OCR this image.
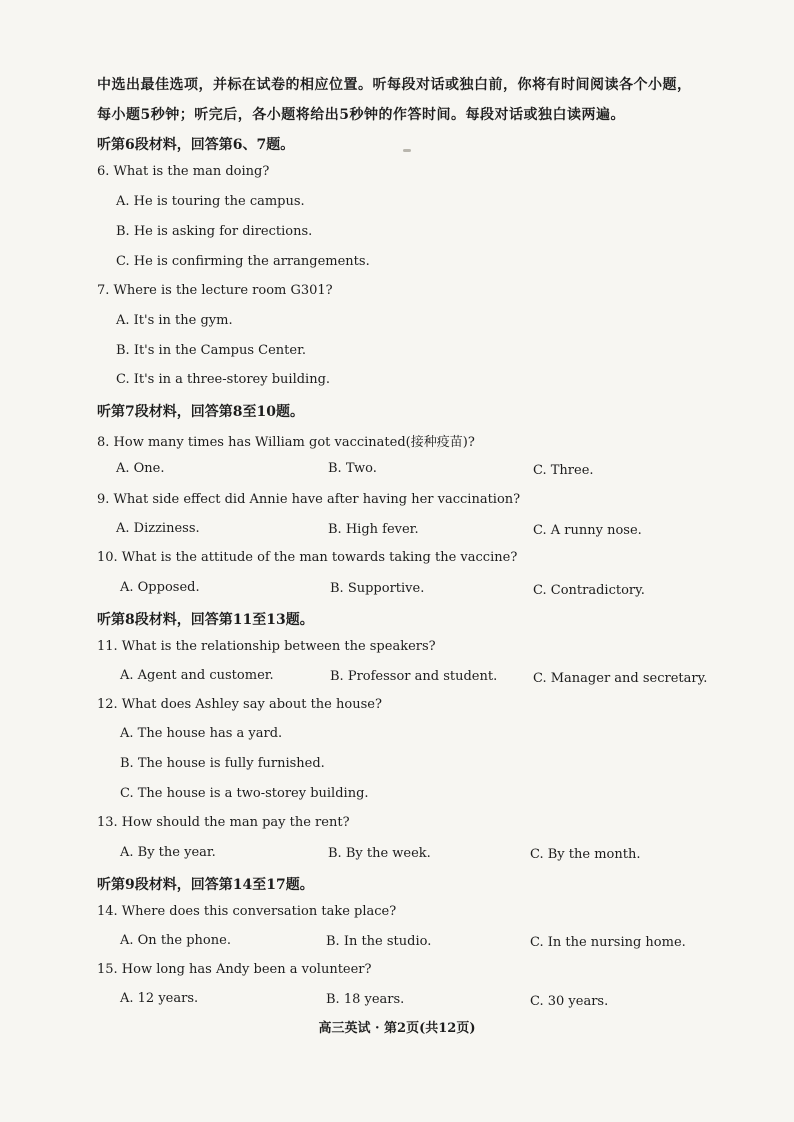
中选出最佳选项，并标在试卷的相应位置。听每段对话或独白前，你将有时间阅读各个小题，
每小题5秒钟；听完后，各小题将给出5秒钟的作答时间。每段对话或独白读两遍。
听第6段材料，回答第6、7题。
6. What is the man doing?
A. He is touring the campus.
B. He is asking for directions.
C. He is confirming the arrangements.
7. Where is the lecture room G301?
A. It's in the gym.
B. It's in the Campus Center.
C. It's in a three-storey building.
听第7段材料，回答第8至10题。
8. How many times has William got vaccinated(接种疫苗)?
A. One.	B. Two.	C. Three.
9. What side effect did Annie have after having her vaccination?
A. Dizziness.	B. High fever.	C. A runny nose.
10. What is the attitude of the man towards taking the vaccine?
A. Opposed.	B. Supportive.	C. Contradictory.
听第8段材料，回答第11至13题。
11. What is the relationship between the speakers?
A. Agent and customer.	B. Professor and student.	C. Manager and secretary.
12. What does Ashley say about the house?
A. The house has a yard.
B. The house is fully furnished.
C. The house is a two-storey building.
13. How should the man pay the rent?
A. By the year.	B. By the week.	C. By the month.
听第9段材料，回答第14至17题。
14. Where does this conversation take place?
A. On the phone.	B. In the studio.	C. In the nursing home.
15. How long has Andy been a volunteer?
A. 12 years.	B. 18 years.	C. 30 years.
高三英试 · 第2页(共12页)
